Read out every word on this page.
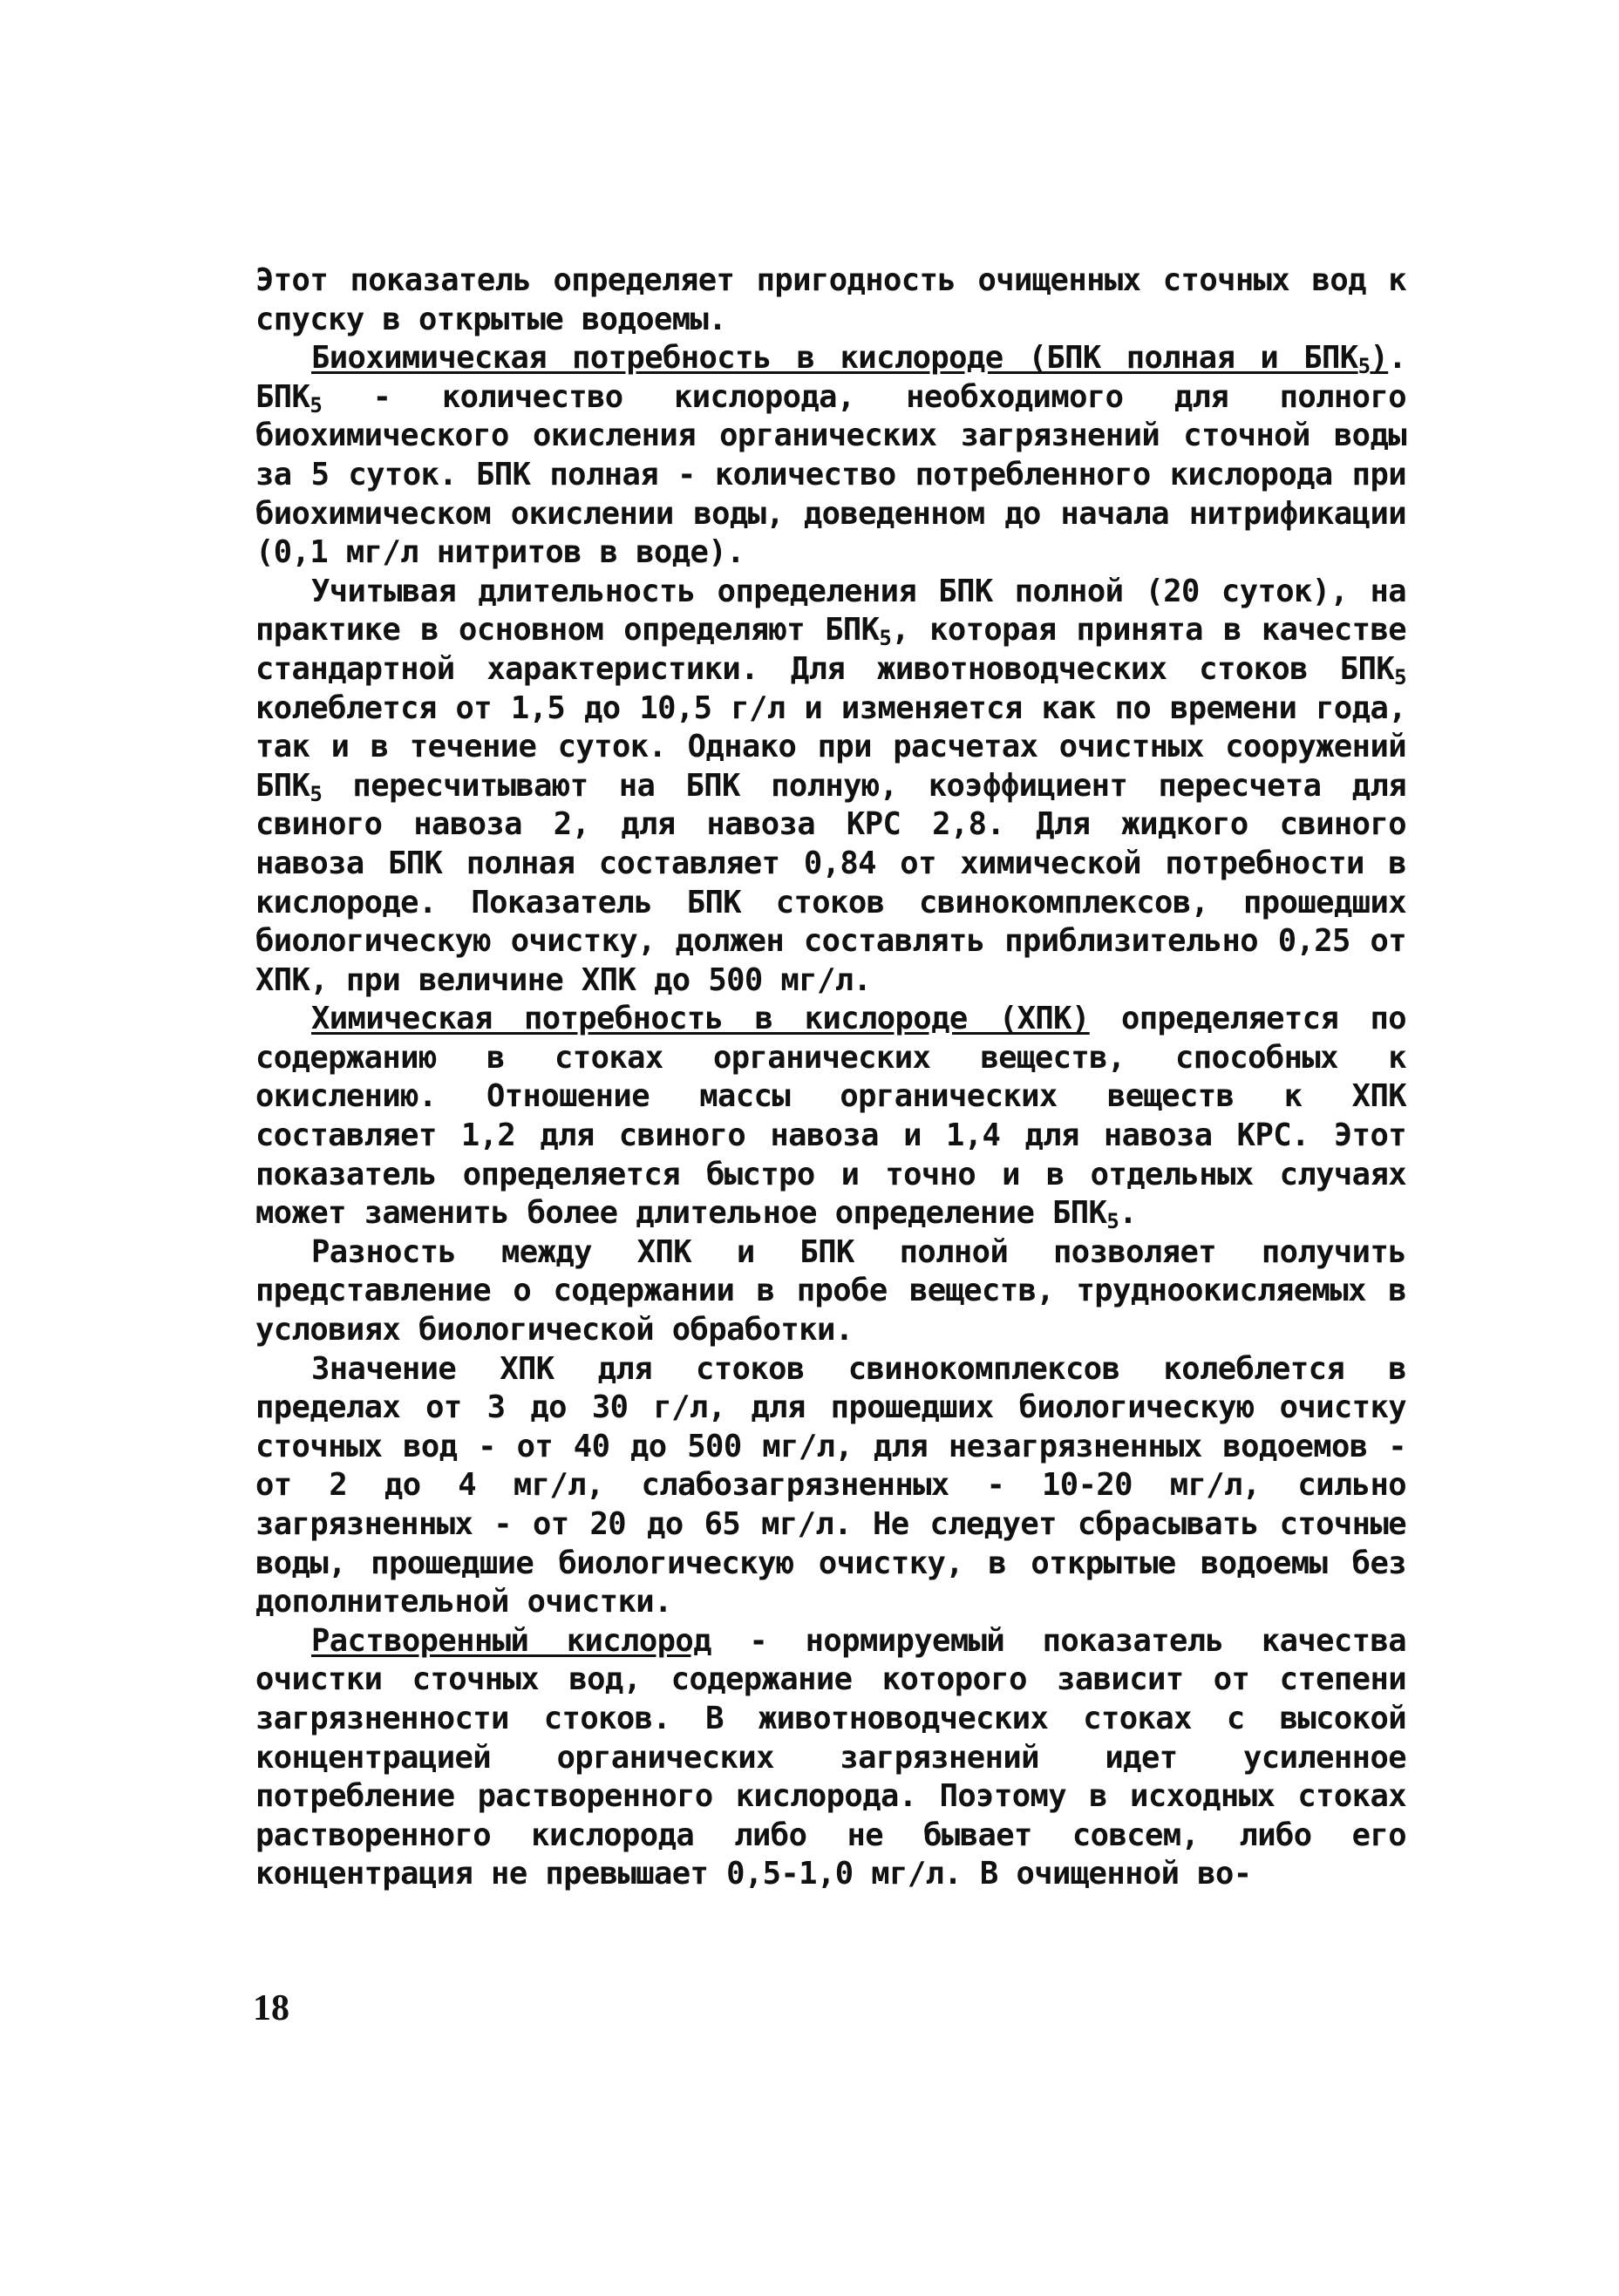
Этот показатель определяет пригодность очищенных сточных вод к спуску в открытые водоемы.

Биохимическая потребность в кислороде (БПК полная и $БПК_5$). $БПК_5$ - количество кислорода, необходимого для полного биохимического окисления органических загрязнений сточной воды за 5 суток. БПК полная - количество потребленного кислорода при биохимическом окислении воды, доведенном до начала нитрификации (0,1 мг/л нитритов в воде).

Учитывая длительность определения БПК полной (20 суток), на практике в основном определяют $БПК_5$, которая принята в качестве стандартной характеристики. Для животноводческих стоков $БПК_5$ колеблется от 1,5 до 10,5 г/л и изменяется как по времени года, так и в течение суток. Однако при расчетах очистных сооружений $БПК_5$ пересчитывают на БПК полную, коэффициент пересчета для свиного навоза 2, для навоза КРС 2,8. Для жидкого свиного навоза БПК полная составляет 0,84 от химической потребности в кислороде. Показатель БПК стоков свинокомплексов, прошедших биологическую очистку, должен составлять приблизительно 0,25 от ХПК, при величине ХПК до 500 мг/л.

Химическая потребность в кислороде (ХПК) определяется по содержанию в стоках органических веществ, способных к окислению. Отношение массы органических веществ к ХПК составляет 1,2 для свиного навоза и 1,4 для навоза КРС. Этот показатель определяется быстро и точно и в отдельных случаях может заменить более длительное определение $БПК_5$.

Разность между ХПК и БПК полной позволяет получить представление о содержании в пробе веществ, трудноокисляемых в условиях биологической обработки.

Значение ХПК для стоков свинокомплексов колеблется в пределах от 3 до 30 г/л, для прошедших биологическую очистку сточных вод - от 40 до 500 мг/л, для незагрязненных водоемов - от 2 до 4 мг/л, слабозагрязненных - 10-20 мг/л, сильно загрязненных - от 20 до 65 мг/л. Не следует сбрасывать сточные воды, прошедшие биологическую очистку, в открытые водоемы без дополнительной очистки.

Растворенный кислород - нормируемый показатель качества очистки сточных вод, содержание которого зависит от степени загрязненности стоков. В животноводческих стоках с высокой концентрацией органических загрязнений идет усиленное потребление растворенного кислорода. Поэтому в исходных стоках растворенного кислорода либо не бывает совсем, либо его концентрация не превышает 0,5-1,0 мг/л. В очищенной во-

18
